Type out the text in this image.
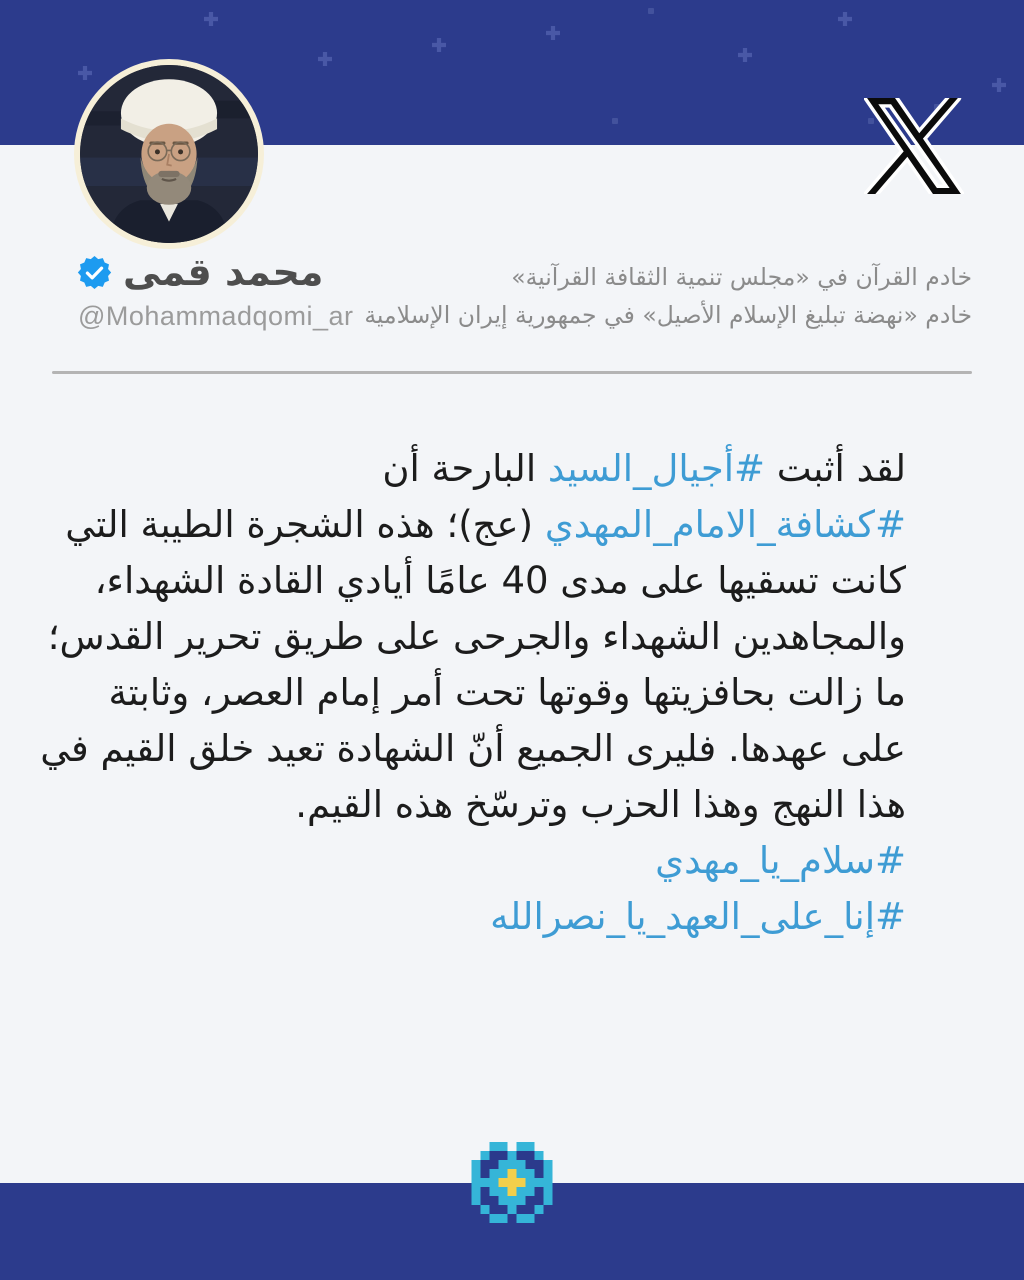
محمد قمی
@Mohammadqomi_ar
خادم القرآن في «مجلس تنمية الثقافة القرآنية»
خادم «نهضة تبليغ الإسلام الأصيل» في جمهورية إيران الإسلامية
لقد أثبت #أجيال_السيد البارحة أن
#كشافة_الامام_المهدي (عج)؛ هذه الشجرة الطيبة التي
كانت تسقيها على مدى 40 عامًا أيادي القادة الشهداء،
والمجاهدين الشهداء والجرحى على طريق تحرير القدس؛
ما زالت بحافزيتها وقوتها تحت أمر إمام العصر، وثابتة
على عهدها. فليرى الجميع أنّ الشهادة تعيد خلق القيم في
هذا النهج وهذا الحزب وترسّخ هذه القيم.
#سلام_يا_مهدي
#إنا_على_العهد_يا_نصرالله
